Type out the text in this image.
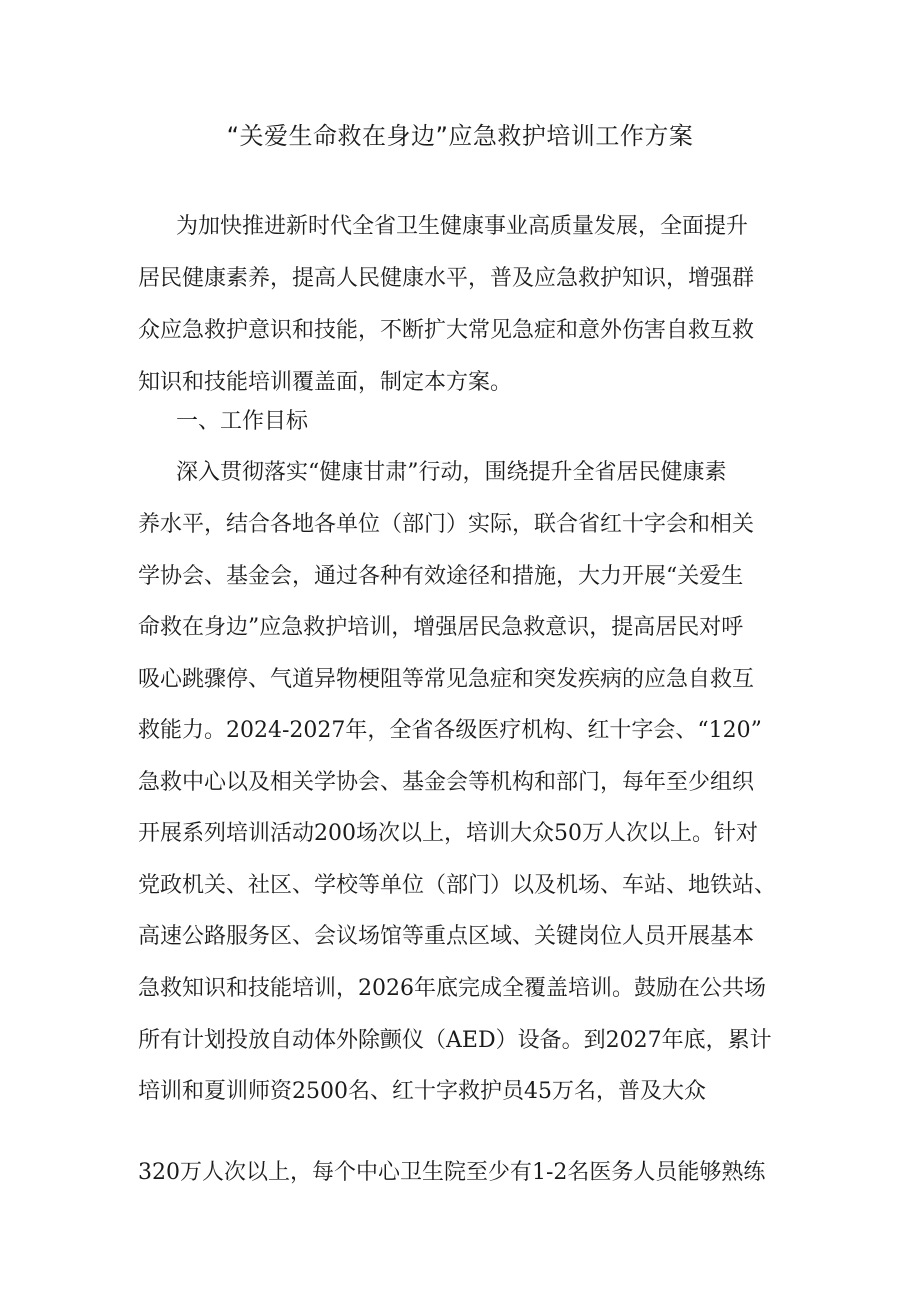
“关爱生命救在身边”应急救护培训工作方案

为加快推进新时代全省卫生健康事业高质量发展，全面提升

居民健康素养，提高人民健康水平，普及应急救护知识，增强群

众应急救护意识和技能，不断扩大常见急症和意外伤害自救互救

知识和技能培训覆盖面，制定本方案。

一、工作目标

深入贯彻落实“健康甘肃”行动，围绕提升全省居民健康素

养水平，结合各地各单位（部门）实际，联合省红十字会和相关

学协会、基金会，通过各种有效途径和措施，大力开展“关爱生

命救在身边”应急救护培训，增强居民急救意识，提高居民对呼

吸心跳骤停、气道异物梗阻等常见急症和突发疾病的应急自救互

救能力。2024-2027年，全省各级医疗机构、红十字会、“120”

急救中心以及相关学协会、基金会等机构和部门，每年至少组织

开展系列培训活动200场次以上，培训大众50万人次以上。针对

党政机关、社区、学校等单位（部门）以及机场、车站、地铁站、

高速公路服务区、会议场馆等重点区域、关键岗位人员开展基本

急救知识和技能培训，2026年底完成全覆盖培训。鼓励在公共场

所有计划投放自动体外除颤仪（AED）设备。到2027年底，累计

培训和夏训师资2500名、红十字救护员45万名，普及大众

320万人次以上，每个中心卫生院至少有1-2名医务人员能够熟练
